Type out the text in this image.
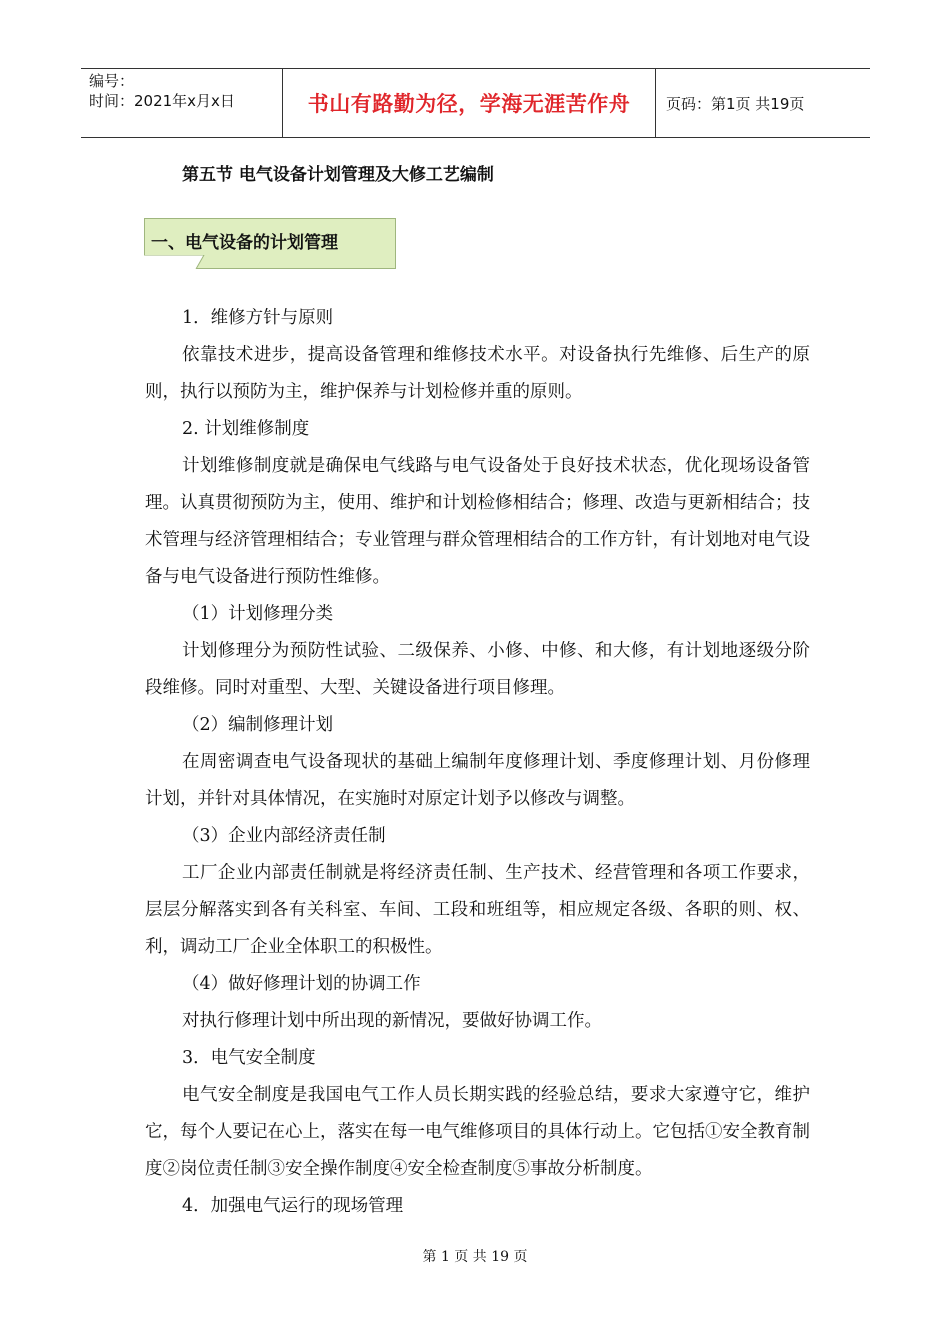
编号：
时间：2021年x月x日	书山有路勤为径，学海无涯苦作舟	页码：第1页 共19页
第五节 电气设备计划管理及大修工艺编制
一、电气设备的计划管理

1．维修方针与原则

依靠技术进步，提高设备管理和维修技术水平。对设备执行先维修、后生产的原则，执行以预防为主，维护保养与计划检修并重的原则。

2. 计划维修制度

计划维修制度就是确保电气线路与电气设备处于良好技术状态，优化现场设备管理。认真贯彻预防为主，使用、维护和计划检修相结合；修理、改造与更新相结合；技术管理与经济管理相结合；专业管理与群众管理相结合的工作方针，有计划地对电气设备与电气设备进行预防性维修。

（1）计划修理分类

计划修理分为预防性试验、二级保养、小修、中修、和大修，有计划地逐级分阶段维修。同时对重型、大型、关键设备进行项目修理。

（2）编制修理计划

在周密调查电气设备现状的基础上编制年度修理计划、季度修理计划、月份修理计划，并针对具体情况，在实施时对原定计划予以修改与调整。

（3）企业内部经济责任制

工厂企业内部责任制就是将经济责任制、生产技术、经营管理和各项工作要求，层层分解落实到各有关科室、车间、工段和班组等，相应规定各级、各职的则、权、利，调动工厂企业全体职工的积极性。

（4）做好修理计划的协调工作

对执行修理计划中所出现的新情况，要做好协调工作。

3．电气安全制度

电气安全制度是我国电气工作人员长期实践的经验总结，要求大家遵守它，维护它，每个人要记在心上，落实在每一电气维修项目的具体行动上。它包括①安全教育制度②岗位责任制③安全操作制度④安全检查制度⑤事故分析制度。

4．加强电气运行的现场管理

第 1 页 共 19 页
